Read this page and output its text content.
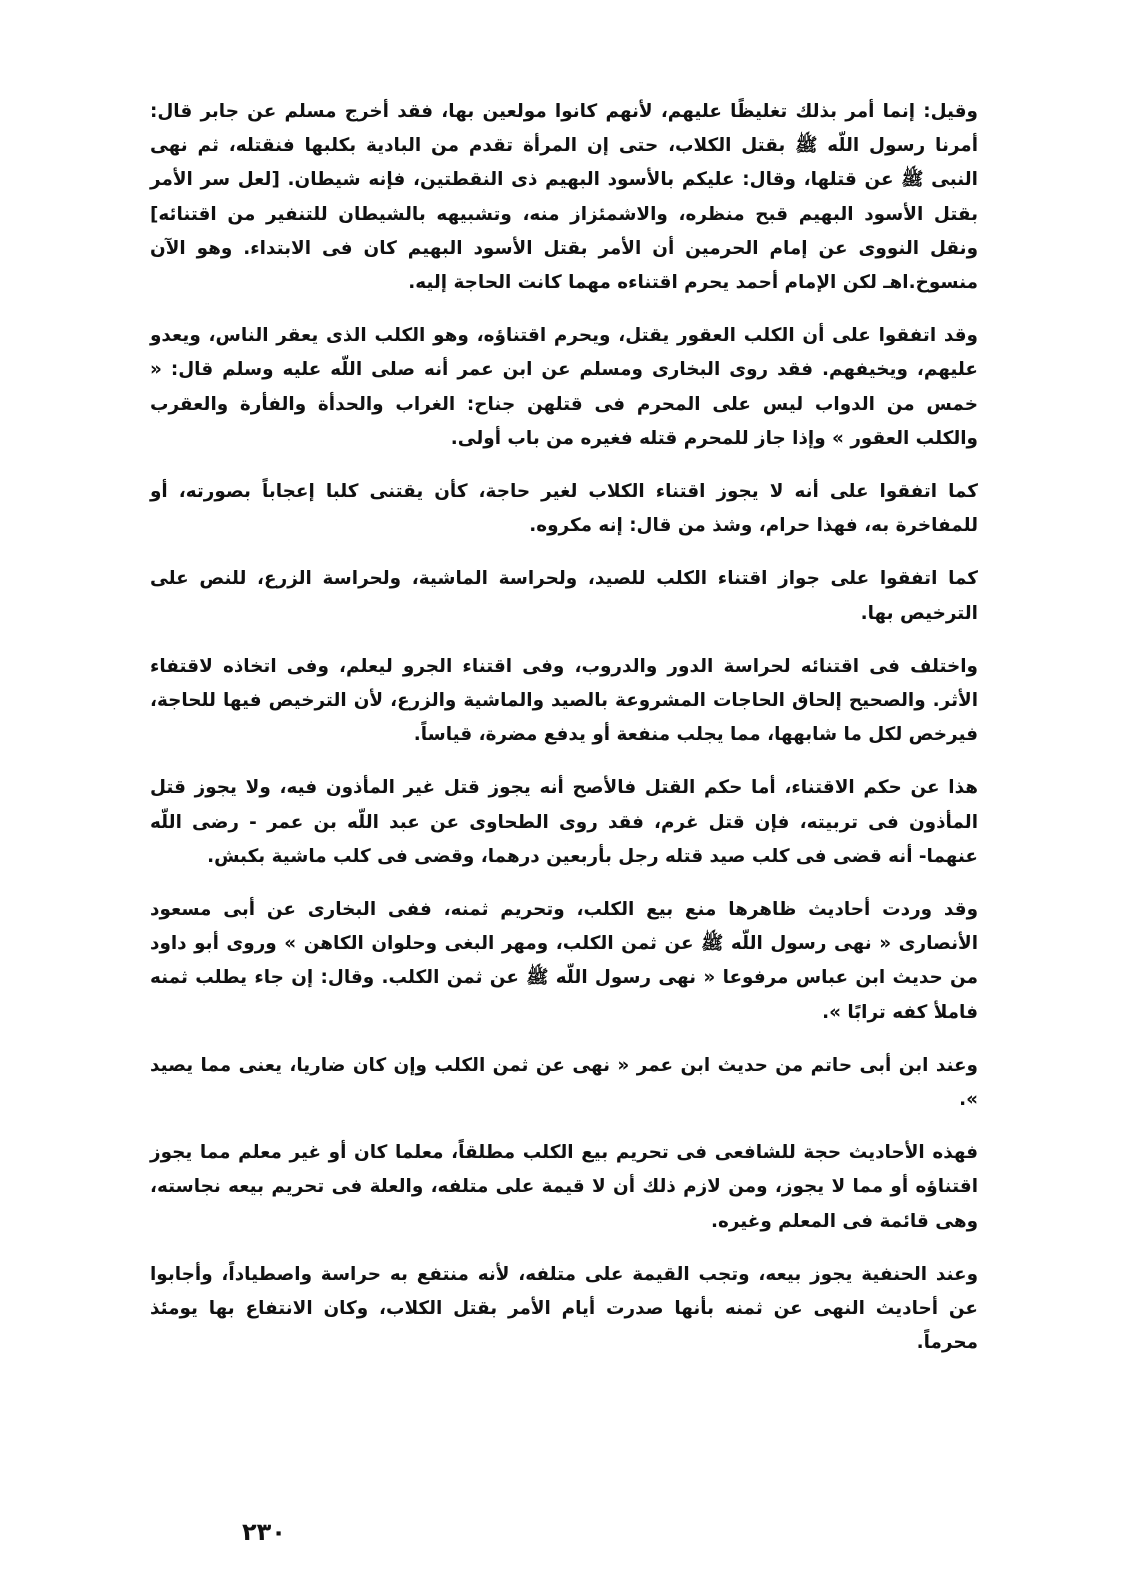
وقيل: إنما أمر بذلك تغليظًا عليهم، لأنهم كانوا مولعين بها، فقد أخرج مسلم عن جابر قال: أمرنا رسول اللّه ﷺ بقتل الكلاب، حتى إن المرأة تقدم من البادية بكلبها فنقتله، ثم نهى النبى ﷺ عن قتلها، وقال: عليكم بالأسود البهيم ذى النقطتين، فإنه شيطان. [لعل سر الأمر بقتل الأسود البهيم قبح منظره، والاشمئزاز منه، وتشبيهه بالشيطان للتنفير من اقتنائه] ونقل النووى عن إمام الحرمين أن الأمر بقتل الأسود البهيم كان فى الابتداء. وهو الآن منسوخ.اهـ لكن الإمام أحمد يحرم اقتناءه مهما كانت الحاجة إليه.

وقد اتفقوا على أن الكلب العقور يقتل، ويحرم اقتناؤه، وهو الكلب الذى يعقر الناس، ويعدو عليهم، ويخيفهم. فقد روى البخارى ومسلم عن ابن عمر أنه صلى اللّه عليه وسلم قال: « خمس من الدواب ليس على المحرم فى قتلهن جناح: الغراب والحدأة والفأرة والعقرب والكلب العقور » وإذا جاز للمحرم قتله فغيره من باب أولى.

كما اتفقوا على أنه لا يجوز اقتناء الكلاب لغير حاجة، كأن يقتنى كلبا إعجاباً بصورته، أو للمفاخرة به، فهذا حرام، وشذ من قال: إنه مكروه.

كما اتفقوا على جواز اقتناء الكلب للصيد، ولحراسة الماشية، ولحراسة الزرع، للنص على الترخيص بها.

واختلف فى اقتنائه لحراسة الدور والدروب، وفى اقتناء الجرو ليعلم، وفى اتخاذه لاقتفاء الأثر. والصحيح إلحاق الحاجات المشروعة بالصيد والماشية والزرع، لأن الترخيص فيها للحاجة، فيرخص لكل ما شابهها، مما يجلب منفعة أو يدفع مضرة، قياساً.

هذا عن حكم الاقتناء، أما حكم القتل فالأصح أنه يجوز قتل غير المأذون فيه، ولا يجوز قتل المأذون فى تربيته، فإن قتل غرم، فقد روى الطحاوى عن عبد اللّه بن عمر - رضى اللّه عنهما- أنه قضى فى كلب صيد قتله رجل بأربعين درهما، وقضى فى كلب ماشية بكبش.

وقد وردت أحاديث ظاهرها منع بيع الكلب، وتحريم ثمنه، ففى البخارى عن أبى مسعود الأنصارى « نهى رسول اللّه ﷺ عن ثمن الكلب، ومهر البغى وحلوان الكاهن » وروى أبو داود من حديث ابن عباس مرفوعا « نهى رسول اللّه ﷺ عن ثمن الكلب. وقال: إن جاء يطلب ثمنه فاملأ كفه ترابًا ».

وعند ابن أبى حاتم من حديث ابن عمر « نهى عن ثمن الكلب وإن كان ضاريا، يعنى مما يصيد ».

فهذه الأحاديث حجة للشافعى فى تحريم بيع الكلب مطلقاً، معلما كان أو غير معلم مما يجوز اقتناؤه أو مما لا يجوز، ومن لازم ذلك أن لا قيمة على متلفه، والعلة فى تحريم بيعه نجاسته، وهى قائمة فى المعلم وغيره.

وعند الحنفية يجوز بيعه، وتجب القيمة على متلفه، لأنه منتفع به حراسة واصطياداً، وأجابوا عن أحاديث النهى عن ثمنه بأنها صدرت أيام الأمر بقتل الكلاب، وكان الانتفاع بها يومئذ محرماً.

٢٣٠
